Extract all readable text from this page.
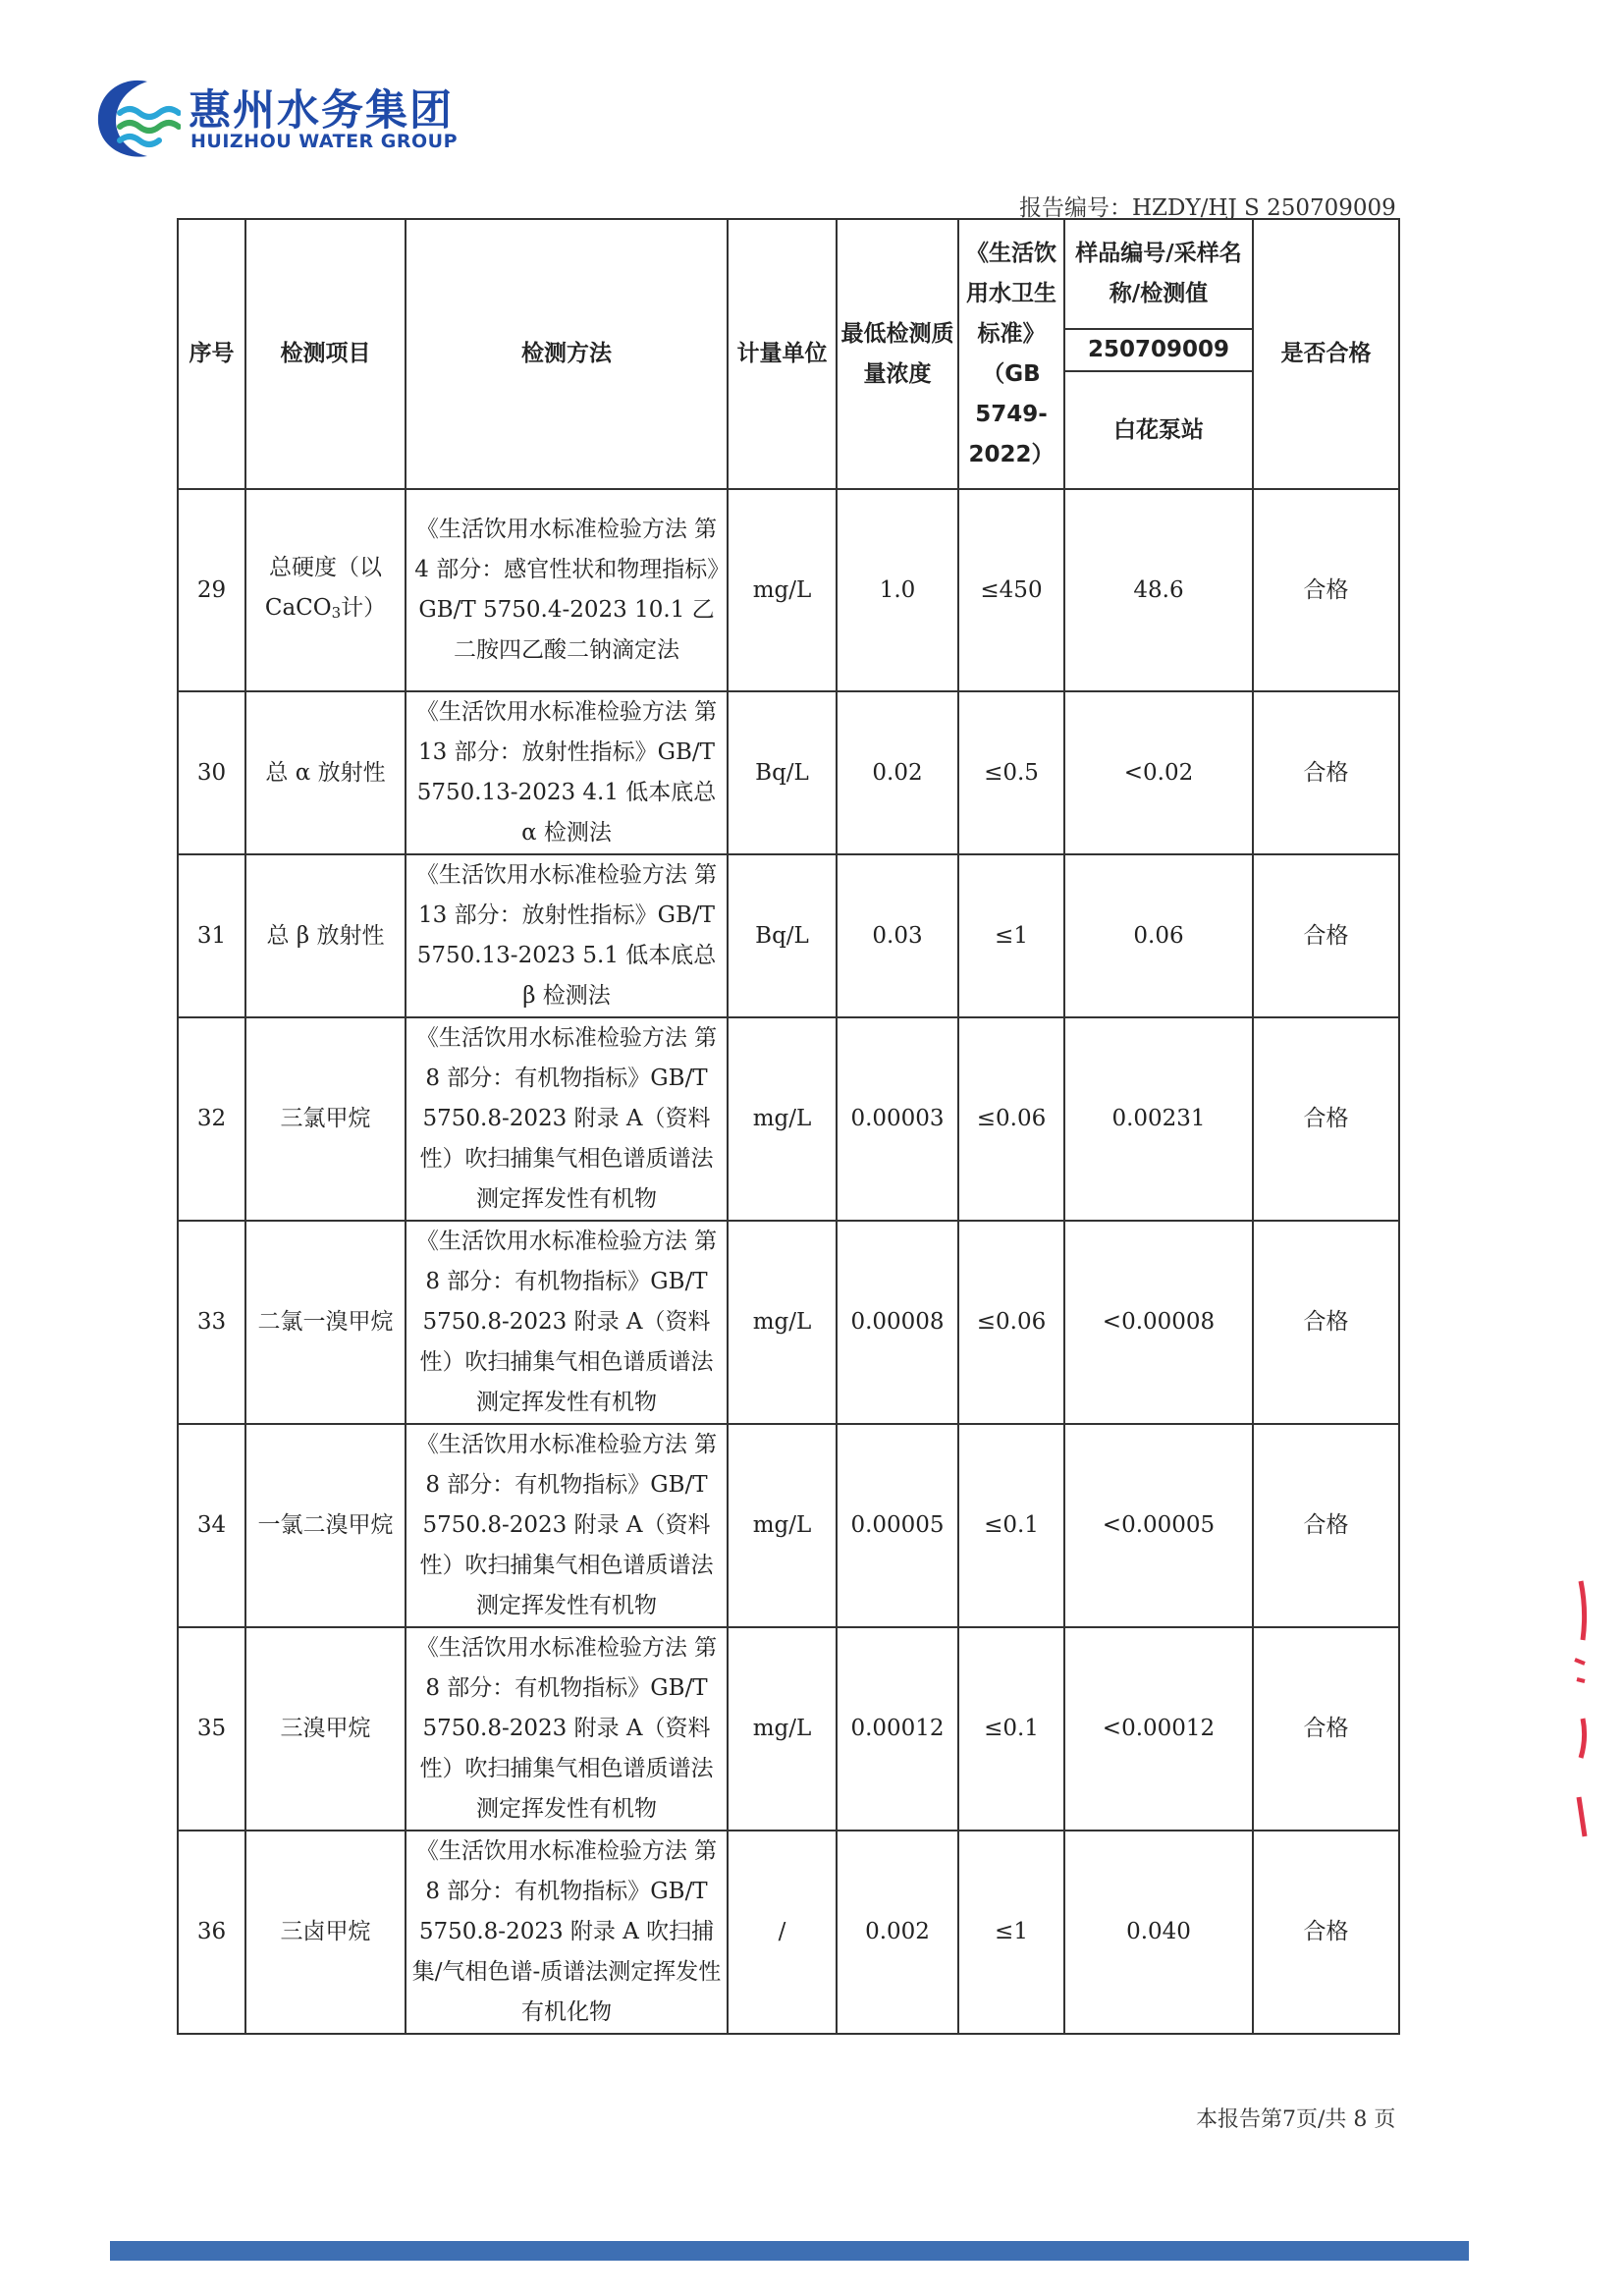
惠州水务集团
HUIZHOU WATER GROUP
报告编号：HZDY/HJ S 250709009
序号	检测项目	检测方法	计量单位	最低检测质量浓度	《生活饮用水卫生标准》（GB 5749-2022）	样品编号/采样名称/检测值	是否合格
						250709009	
						白花泵站	
29	总硬度（以CaCO$_3$计）	《生活饮用水标准检验方法 第 4 部分：感官性状和物理指标》GB/T 5750.4-2023 10.1 乙二胺四乙酸二钠滴定法	mg/L	1.0	≤450	48.6	合格
30	总 α 放射性	《生活饮用水标准检验方法 第 13 部分：放射性指标》GB/T 5750.13-2023 4.1 低本底总 α 检测法	Bq/L	0.02	≤0.5	<0.02	合格
31	总 β 放射性	《生活饮用水标准检验方法 第 13 部分：放射性指标》GB/T 5750.13-2023 5.1 低本底总 β 检测法	Bq/L	0.03	≤1	0.06	合格
32	三氯甲烷	《生活饮用水标准检验方法 第 8 部分：有机物指标》GB/T 5750.8-2023 附录 A（资料性）吹扫捕集气相色谱质谱法测定挥发性有机物	mg/L	0.00003	≤0.06	0.00231	合格
33	二氯一溴甲烷	《生活饮用水标准检验方法 第 8 部分：有机物指标》GB/T 5750.8-2023 附录 A（资料性）吹扫捕集气相色谱质谱法测定挥发性有机物	mg/L	0.00008	≤0.06	<0.00008	合格
34	一氯二溴甲烷	《生活饮用水标准检验方法 第 8 部分：有机物指标》GB/T 5750.8-2023 附录 A（资料性）吹扫捕集气相色谱质谱法测定挥发性有机物	mg/L	0.00005	≤0.1	<0.00005	合格
35	三溴甲烷	《生活饮用水标准检验方法 第 8 部分：有机物指标》GB/T 5750.8-2023 附录 A（资料性）吹扫捕集气相色谱质谱法测定挥发性有机物	mg/L	0.00012	≤0.1	<0.00012	合格
36	三卤甲烷	《生活饮用水标准检验方法 第 8 部分：有机物指标》GB/T 5750.8-2023 附录 A 吹扫捕集/气相色谱-质谱法测定挥发性有机化物	/	0.002	≤1	0.040	合格
本报告第7页/共 8 页
